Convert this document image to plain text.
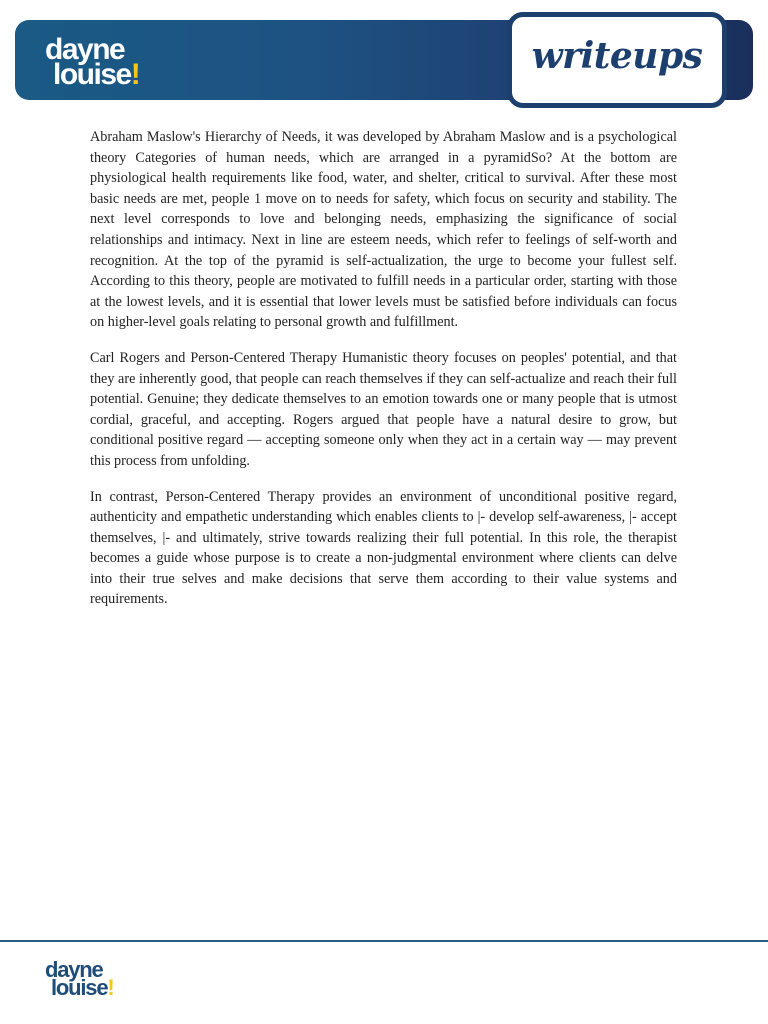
dayne
louise!	writeups

Abraham Maslow's Hierarchy of Needs, it was developed by Abraham Maslow and is a psychological theory Categories of human needs, which are arranged in a pyramidSo? At the bottom are physiological health requirements like food, water, and shelter, critical to survival. After these most basic needs are met, people 1 move on to needs for safety, which focus on security and stability. The next level corresponds to love and belonging needs, emphasizing the significance of social relationships and intimacy. Next in line are esteem needs, which refer to feelings of self-worth and recognition. At the top of the pyramid is self-actualization, the urge to become your fullest self. According to this theory, people are motivated to fulfill needs in a particular order, starting with those at the lowest levels, and it is essential that lower levels must be satisfied before individuals can focus on higher-level goals relating to personal growth and fulfillment.

Carl Rogers and Person-Centered Therapy Humanistic theory focuses on peoples' potential, and that they are inherently good, that people can reach themselves if they can self-actualize and reach their full potential. Genuine; they dedicate themselves to an emotion towards one or many people that is utmost cordial, graceful, and accepting. Rogers argued that people have a natural desire to grow, but conditional positive regard — accepting someone only when they act in a certain way — may prevent this process from unfolding.

In contrast, Person-Centered Therapy provides an environment of unconditional positive regard, authenticity and empathetic understanding which enables clients to |- develop self-awareness, |- accept themselves, |- and ultimately, strive towards realizing their full potential. In this role, the therapist becomes a guide whose purpose is to create a non-judgmental environment where clients can delve into their true selves and make decisions that serve them according to their value systems and requirements.

dayne
louise!
